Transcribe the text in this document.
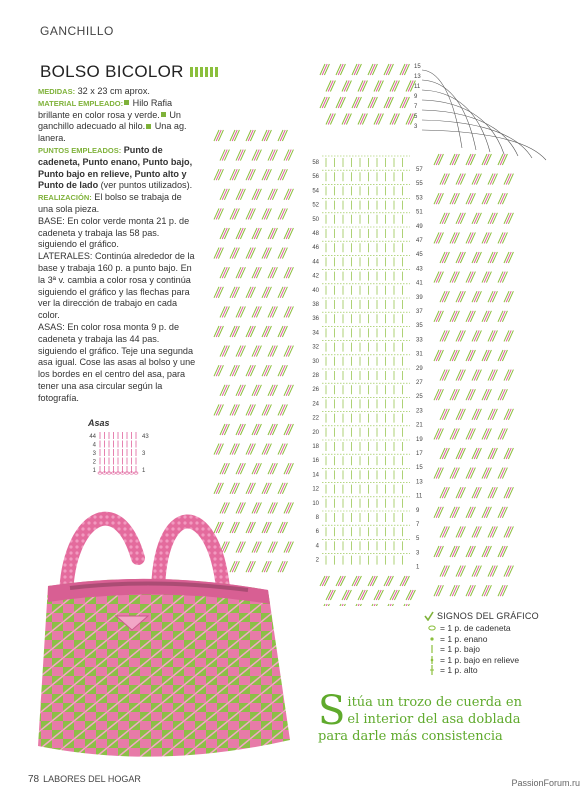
GANCHILLO
BOLSO BICOLOR

MEDIDAS: 32 x 23 cm aprox.

MATERIAL EMPLEADO: Hilo Rafia brillante en color rosa y verde. Un ganchillo adecuado al hilo. Una ag. lanera.

PUNTOS EMPLEADOS: Punto de cadeneta, Punto enano, Punto bajo, Punto bajo en relieve, Punto alto y Punto de lado (ver puntos utilizados).

REALIZACIÓN: El bolso se trabaja de una sola pieza.

BASE: En color verde monta 21 p. de cadeneta y trabaja las 58 pas. siguiendo el gráfico.

LATERALES: Continúa alrededor de la base y trabaja 160 p. a punto bajo. En la 3ª v. cambia a color rosa y continúa siguiendo el gráfico y las flechas para ver la dirección de trabajo en cada color.

ASAS: En color rosa monta 9 p. de cadeneta y trabaja las 44 pas. siguiendo el gráfico. Teje una segunda asa igual. Cose las asas al bolso y une los bordes en el centro del asa, para tener una asa circular según la fotografía.

Asas
44
4
3
2
1
43
3
1
58
56
54
52
50
48
46
44
42
40
38
36
34
32
30
28
26
24
22
20
18
16
14
12
10
8
6
4
2
57
55
53
51
49
47
45
43
41
39
37
35
33
31
29
27
25
23
21
19
17
15
13
11
9
7
5
3
1
15
13
11
9
7
5
3
SIGNOS DEL GRÁFICO
= 1 p. de cadeneta
= 1 p. enano
= 1 p. bajo
= 1 p. bajo en relieve
= 1 p. alto
Sitúa un trozo de cuerda en el interior del asa doblada para darle más consistencia
78 LABORES DEL HOGAR	PassionForum.ru
